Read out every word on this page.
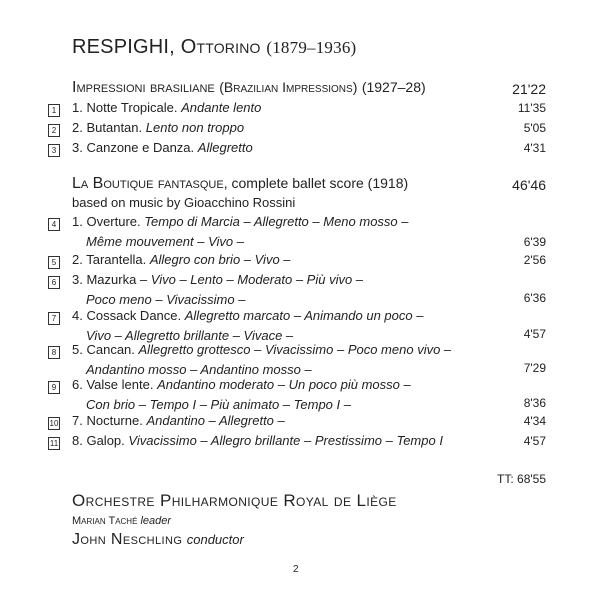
RESPIGHI, Ottorino (1879–1936)
Impressioni brasiliane (Brazilian Impressions) (1927–28)	21'22
1 1. Notte Tropicale. Andante lento	11'35
2 2. Butantan. Lento non troppo	5'05
3 3. Canzone e Danza. Allegretto	4'31
La Boutique fantasque, complete ballet score (1918)	46'46
based on music by Gioacchino Rossini
4 1. Overture. Tempo di Marcia – Allegretto – Meno mosso –
Même mouvement – Vivo –	6'39
5 2. Tarantella. Allegro con brio – Vivo –	2'56
6 3. Mazurka – Vivo – Lento – Moderato – Più vivo –
Poco meno – Vivacissimo –	6'36
7 4. Cossack Dance. Allegretto marcato – Animando un poco –
Vivo – Allegretto brillante – Vivace –	4'57
8 5. Cancan. Allegretto grottesco – Vivacissimo – Poco meno vivo –
Andantino mosso – Andantino mosso –	7'29
9 6. Valse lente. Andantino moderato – Un poco più mosso –
Con brio – Tempo I – Più animato – Tempo I –	8'36
10 7. Nocturne. Andantino – Allegretto –	4'34
11 8. Galop. Vivacissimo – Allegro brillante – Prestissimo – Tempo I	4'57
TT: 68'55
Orchestre Philharmonique Royal de Liège
Marian Taché leader
John Neschling conductor
2
